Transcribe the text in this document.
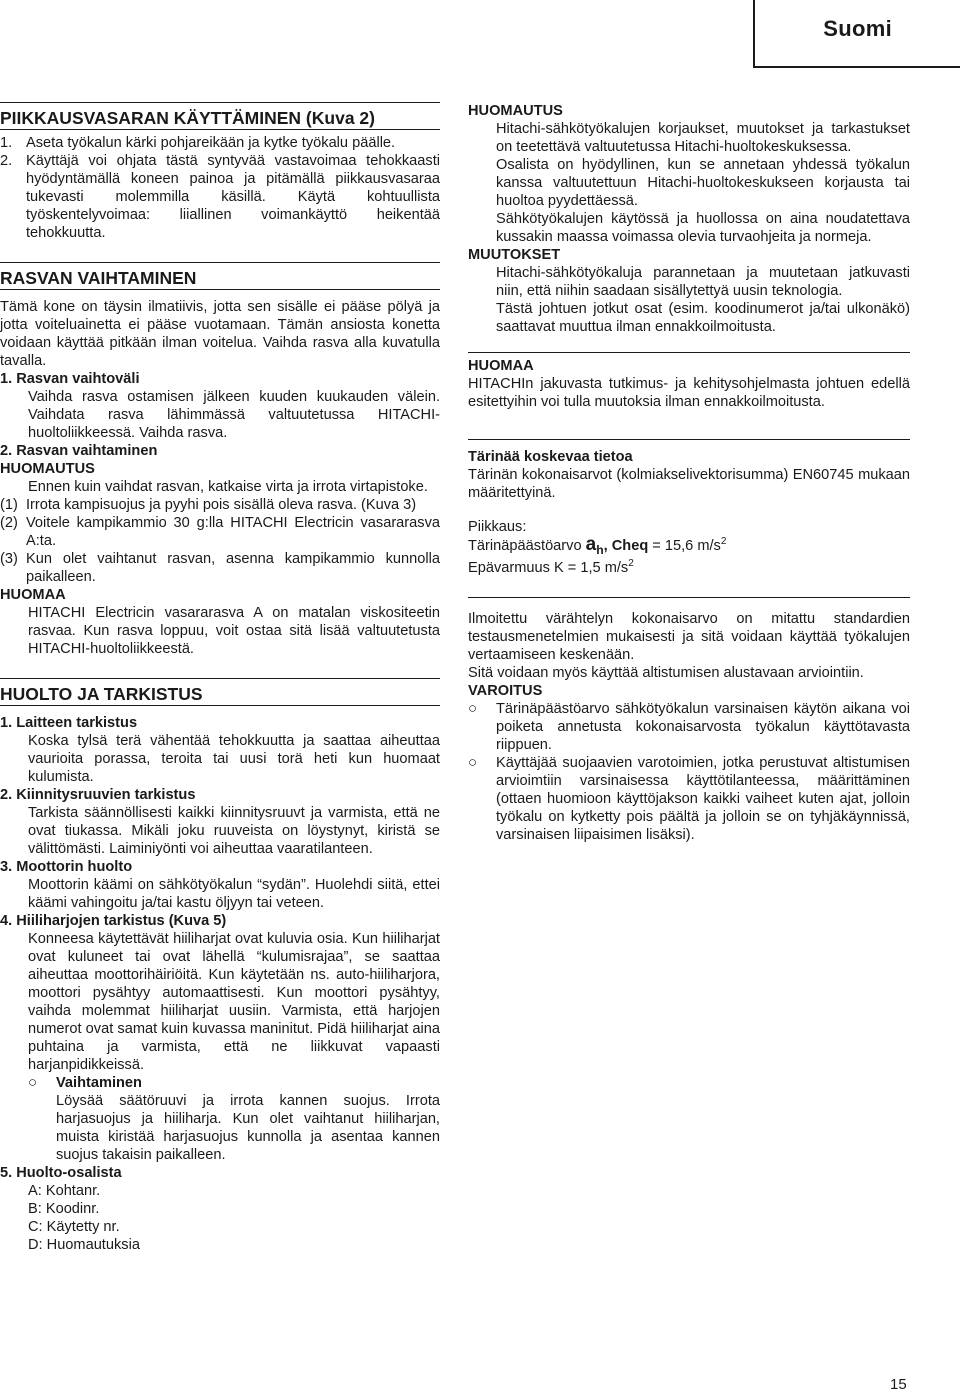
Suomi
PIIKKAUSVASARAN KÄYTTÄMINEN (Kuva 2)
1. Aseta työkalun kärki pohjareikään ja kytke työkalu päälle.
2. Käyttäjä voi ohjata tästä syntyvää vastavoimaa tehokkaasti hyödyntämällä koneen painoa ja pitämällä piikkausvasaraa tukevasti molemmilla käsillä. Käytä kohtuullista työskentelyvoimaa: liiallinen voimankäyttö heikentää tehokkuutta.
RASVAN VAIHTAMINEN

Tämä kone on täysin ilmatiivis, jotta sen sisälle ei pääse pölyä ja jotta voiteluainetta ei pääse vuotamaan. Tämän ansiosta konetta voidaan käyttää pitkään ilman voitelua. Vaihda rasva alla kuvatulla tavalla.

1. Rasvan vaihtoväli

Vaihda rasva ostamisen jälkeen kuuden kuukauden välein. Vaihdata rasva lähimmässä valtuutetussa HITACHI-huoltoliikkeessä. Vaihda rasva.

2. Rasvan vaihtaminen

HUOMAUTUS

Ennen kuin vaihdat rasvan, katkaise virta ja irrota virtapistoke.

(1) Irrota kampisuojus ja pyyhi pois sisällä oleva rasva. (Kuva 3)
(2) Voitele kampikammio 30 g:lla HITACHI Electricin vasararasva A:ta.
(3) Kun olet vaihtanut rasvan, asenna kampikammio kunnolla paikalleen.

HUOMAA

HITACHI Electricin vasararasva A on matalan viskositeetin rasvaa. Kun rasva loppuu, voit ostaa sitä lisää valtuutetusta HITACHI-huoltoliikkeestä.

HUOLTO JA TARKISTUS

1. Laitteen tarkistus

Koska tylsä terä vähentää tehokkuutta ja saattaa aiheuttaa vaurioita porassa, teroita tai uusi torä heti kun huomaat kulumista.

2. Kiinnitysruuvien tarkistus

Tarkista säännöllisesti kaikki kiinnitysruuvt ja varmista, että ne ovat tiukassa. Mikäli joku ruuveista on löystynyt, kiristä se välittömästi. Laiminiyönti voi aiheuttaa vaaratilanteen.

3. Moottorin huolto

Moottorin käämi on sähkötyökalun “sydän”. Huolehdi siitä, ettei käämi vahingoitu ja/tai kastu öljyyn tai veteen.

4. Hiiliharjojen tarkistus (Kuva 5)

Konneesa käytettävät hiiliharjat ovat kuluvia osia. Kun hiiliharjat ovat kuluneet tai ovat lähellä “kulumisrajaa”, se saattaa aiheuttaa moottorihäiriöitä. Kun käytetään ns. auto-hiiliharjora, moottori pysähtyy automaattisesti. Kun moottori pysähtyy, vaihda molemmat hiiliharjat uusiin. Varmista, että harjojen numerot ovat samat kuin kuvassa maninitut. Pidä hiiliharjat aina puhtaina ja varmista, että ne liikkuvat vapaasti harjanpidikkeissä.

○	Vaihtaminen

Löysää säätöruuvi ja irrota kannen suojus. Irrota harjasuojus ja hiiliharja. Kun olet vaihtanut hiiliharjan, muista kiristää harjasuojus kunnolla ja asentaa kannen suojus takaisin paikalleen.

5. Huolto-osalista

A: Kohtanr.

B: Koodinr.

C: Käytetty nr.

D: Huomautuksia

HUOMAUTUS

Hitachi-sähkötyökalujen korjaukset, muutokset ja tarkastukset on teetettävä valtuutetussa Hitachi-huoltokeskuksessa.

Osalista on hyödyllinen, kun se annetaan yhdessä työkalun kanssa valtuutettuun Hitachi-huoltokeskukseen korjausta tai huoltoa pyydettäessä.

Sähkötyökalujen käytössä ja huollossa on aina noudatettava kussakin maassa voimassa olevia turvaohjeita ja normeja.

MUUTOKSET

Hitachi-sähkötyökaluja parannetaan ja muutetaan jatkuvasti niin, että niihin saadaan sisällytettyä uusin teknologia.

Tästä johtuen jotkut osat (esim. koodinumerot ja/tai ulkonäkö) saattavat muuttua ilman ennakkoilmoitusta.

HUOMAA

HITACHIn jakuvasta tutkimus- ja kehitysohjelmasta johtuen edellä esitettyihin voi tulla muutoksia ilman ennakkoilmoitusta.

Tärinää koskevaa tietoa

Tärinän kokonaisarvot (kolmiakselivektorisumma) EN60745 mukaan määritettyinä.

Piikkaus:

Tärinäpäästöarvo $a_h$, Cheq = 15,6 $m/s^2$

Epävarmuus K = 1,5 $m/s^2$

Ilmoitettu värähtelyn kokonaisarvo on mitattu standardien testausmenetelmien mukaisesti ja sitä voidaan käyttää työkalujen vertaamiseen keskenään.

Sitä voidaan myös käyttää altistumisen alustavaan arviointiin.

VAROITUS

○	Tärinäpäästöarvo sähkötyökalun varsinaisen käytön aikana voi poiketa annetusta kokonaisarvosta työkalun käyttötavasta riippuen.
○	Käyttäjää suojaavien varotoimien, jotka perustuvat altistumisen arvioimtiin varsinaisessa käyttötilanteessa, määrittäminen (ottaen huomioon käyttöjakson kaikki vaiheet kuten ajat, jolloin työkalu on kytketty pois päältä ja jolloin se on tyhjäkäynnissä, varsinaisen liipaisimen lisäksi).
15
